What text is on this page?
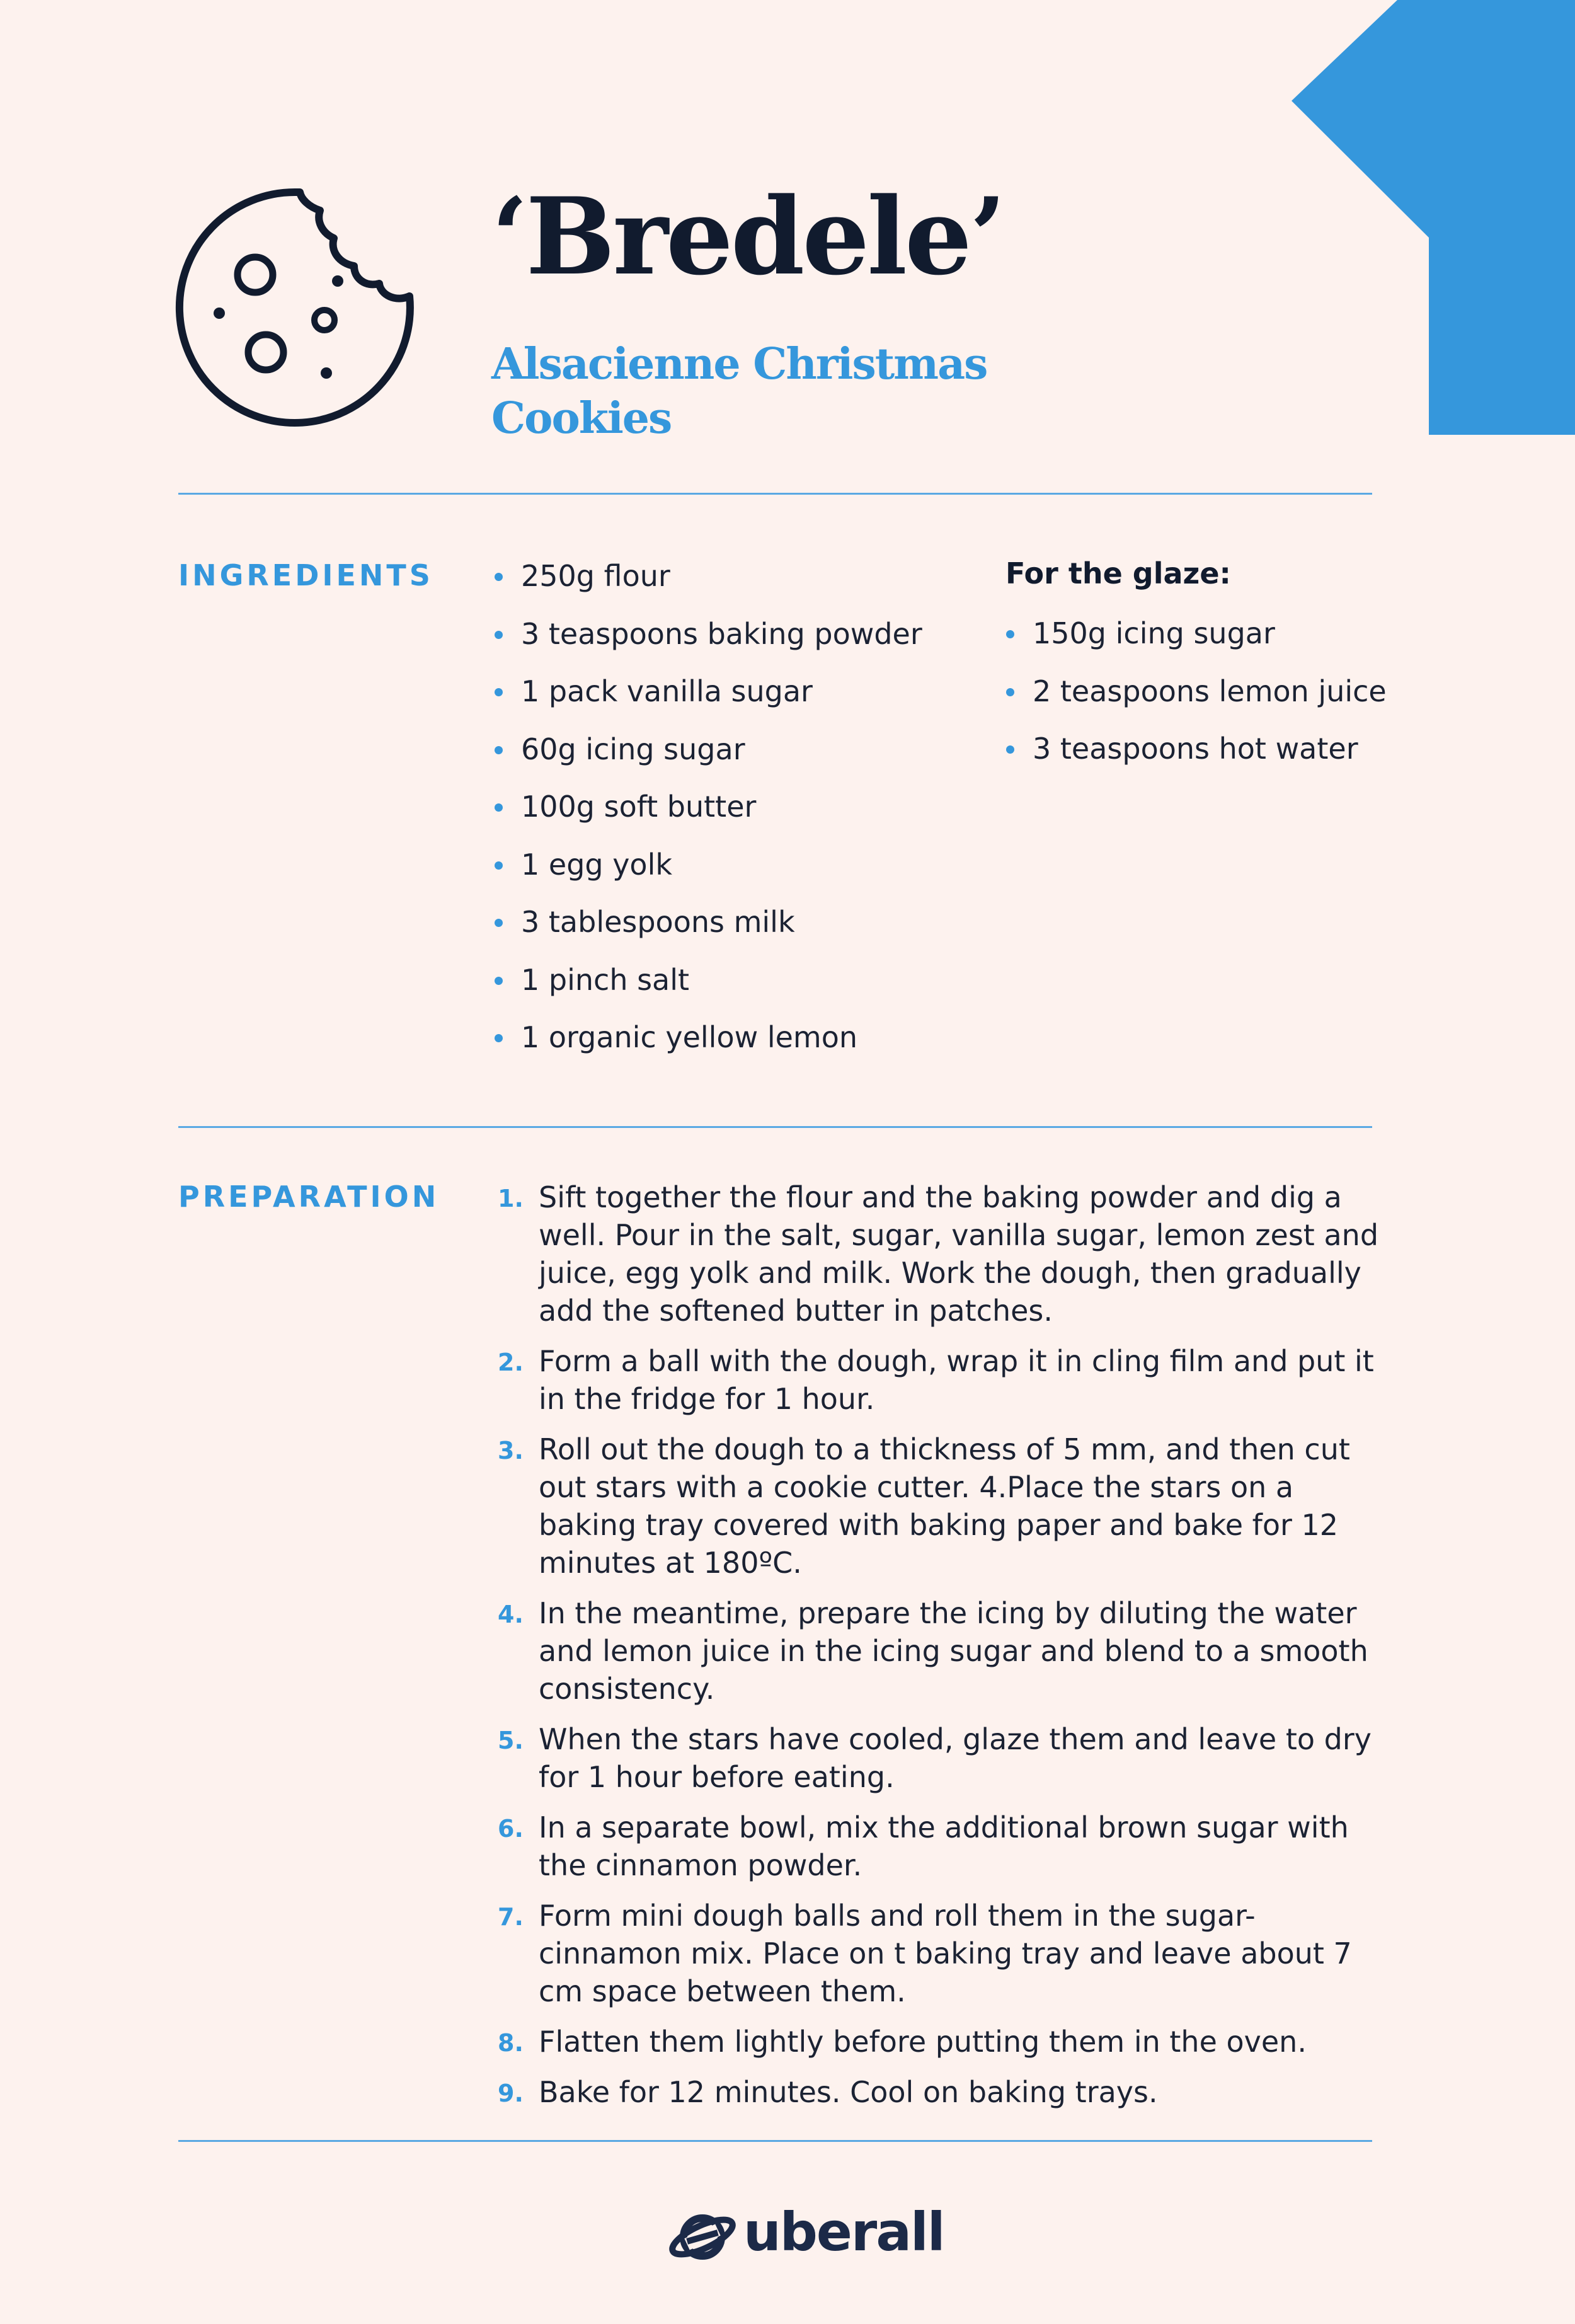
‘Bredele’
Alsacienne Christmas Cookies
INGREDIENTS	250g flour
3 teaspoons baking powder
1 pack vanilla sugar
60g icing sugar
100g soft butter
1 egg yolk
3 tablespoons milk
1 pinch salt
1 organic yellow lemon
For the glaze:
150g icing sugar
2 teaspoons lemon juice
3 teaspoons hot water
PREPARATION 1. Sift together the flour and the baking powder and dig a well. Pour in the salt, sugar, vanilla sugar, lemon zest and juice, egg yolk and milk. Work the dough, then gradually add the softened butter in patches.
2. Form a ball with the dough, wrap it in cling film and put it in the fridge for 1 hour.
3. Roll out the dough to a thickness of 5 mm, and then cut out stars with a cookie cutter. 4.Place the stars on a baking tray covered with baking paper and bake for 12 minutes at 180ºC.
4. In the meantime, prepare the icing by diluting the water and lemon juice in the icing sugar and blend to a smooth consistency.
5. When the stars have cooled, glaze them and leave to dry for 1 hour before eating.
6. In a separate bowl, mix the additional brown sugar with the cinnamon powder.
7. Form mini dough balls and roll them in the sugar-cinnamon mix. Place on t baking tray and leave about 7 cm space between them.
8. Flatten them lightly before putting them in the oven.
9. Bake for 12 minutes. Cool on baking trays.
uberall
